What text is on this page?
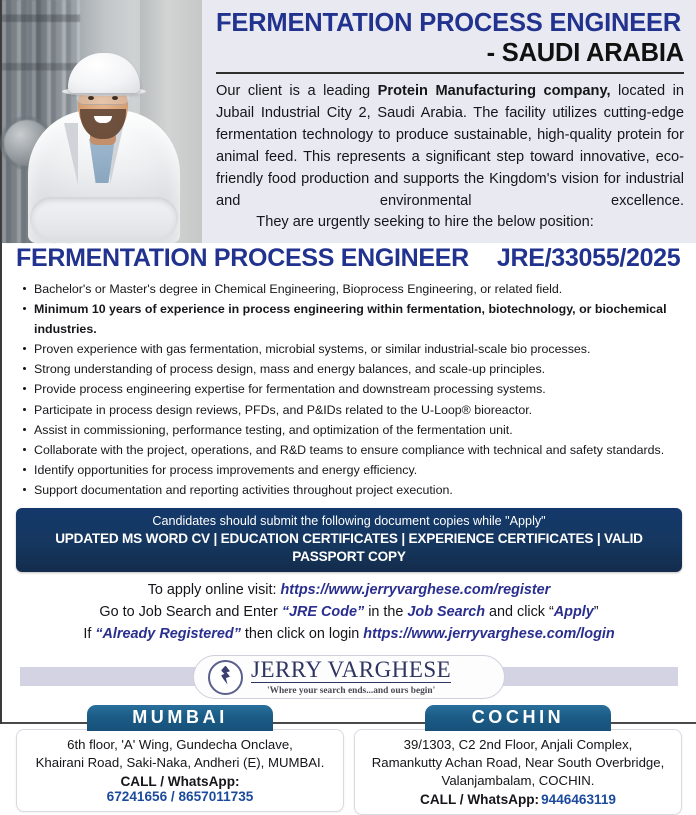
FERMENTATION PROCESS ENGINEER
- SAUDI ARABIA
Our client is a leading Protein Manufacturing company, located in Jubail Industrial City 2, Saudi Arabia. The facility utilizes cutting-edge fermentation technology to produce sustainable, high-quality protein for animal feed. This represents a significant step toward innovative, eco-friendly food production and supports the Kingdom's vision for industrial and environmental excellence.          They are urgently seeking to hire the below position:
FERMENTATION PROCESS ENGINEER JRE/33055/2025
Bachelor's or Master's degree in Chemical Engineering, Bioprocess Engineering, or related field.
Minimum 10 years of experience in process engineering within fermentation, biotechnology, or biochemical industries.
Proven experience with gas fermentation, microbial systems, or similar industrial-scale bio processes.
Strong understanding of process design, mass and energy balances, and scale-up principles.
Provide process engineering expertise for fermentation and downstream processing systems.
Participate in process design reviews, PFDs, and P&IDs related to the U-Loop® bioreactor.
Assist in commissioning, performance testing, and optimization of the fermentation unit.
Collaborate with the project, operations, and R&D teams to ensure compliance with technical and safety standards.
Identify opportunities for process improvements and energy efficiency.
Support documentation and reporting activities throughout project execution.
Candidates should submit the following document copies while "Apply"
UPDATED MS WORD CV | EDUCATION CERTIFICATES | EXPERIENCE CERTIFICATES | VALID PASSPORT COPY
To apply online visit: https://www.jerryvarghese.com/register
Go to Job Search and Enter “JRE Code” in the Job Search and click “Apply”
If “Already Registered” then click on login https://www.jerryvarghese.com/login
JERRY VARGHESE
'Where your search ends...and ours begin'
MUMBAI
6th floor, 'A' Wing, Gundecha Onclave,
Khairani Road, Saki-Naka, Andheri (E), MUMBAI.
CALL / WhatsApp:
67241656 / 8657011735
COCHIN
39/1303, C2 2nd Floor, Anjali Complex,
Ramankutty Achan Road, Near South Overbridge,
Valanjambalam, COCHIN.
CALL / WhatsApp: 9446463119
